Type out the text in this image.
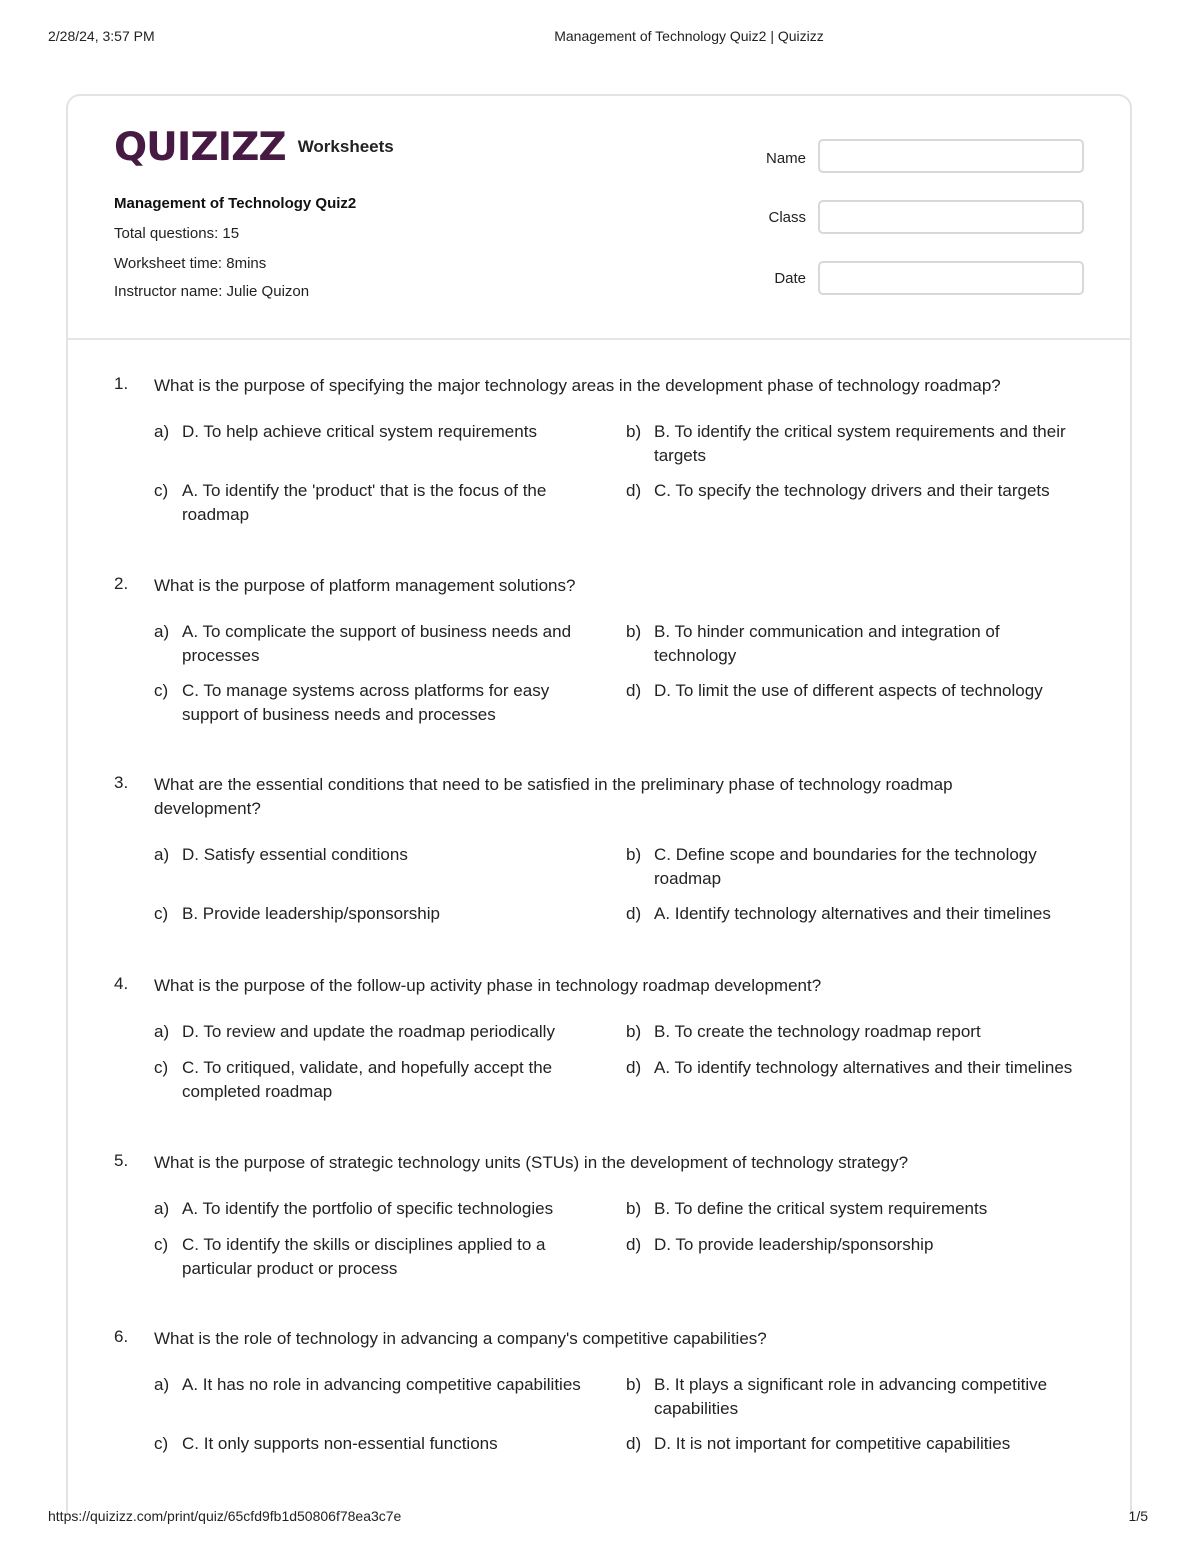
2/28/24, 3:57 PM	Management of Technology Quiz2 | Quizizz
QUIZIZZ Worksheets
Management of Technology Quiz2
Total questions: 15
Worksheet time: 8mins
Instructor name: Julie Quizon
Name
Class
Date
1. What is the purpose of specifying the major technology areas in the development phase of technology roadmap?
a) D. To help achieve critical system requirements	b) B. To identify the critical system requirements and their targets
c) A. To identify the 'product' that is the focus of the roadmap
d) C. To specify the technology drivers and their targets
2. What is the purpose of platform management solutions?
a) A. To complicate the support of business needs and processes
b) B. To hinder communication and integration of technology
c) C. To manage systems across platforms for easy support of business needs and processes
d) D. To limit the use of different aspects of technology
3. What are the essential conditions that need to be satisfied in the preliminary phase of technology roadmap development?
a) D. Satisfy essential conditions	b) C. Define scope and boundaries for the technology roadmap
c) B. Provide leadership/sponsorship	d) A. Identify technology alternatives and their timelines
4. What is the purpose of the follow-up activity phase in technology roadmap development?
a) D. To review and update the roadmap periodically	b) B. To create the technology roadmap report
c) C. To critiqued, validate, and hopefully accept the completed roadmap
d) A. To identify technology alternatives and their timelines
5. What is the purpose of strategic technology units (STUs) in the development of technology strategy?
a) A. To identify the portfolio of specific technologies	b) B. To define the critical system requirements
c) C. To identify the skills or disciplines applied to a particular product or process
d) D. To provide leadership/sponsorship
6. What is the role of technology in advancing a company's competitive capabilities?
a) A. It has no role in advancing competitive capabilities	b) B. It plays a significant role in advancing competitive capabilities
c) C. It only supports non-essential functions	d) D. It is not important for competitive capabilities
https://quizizz.com/print/quiz/65cfd9fb1d50806f78ea3c7e	1/5
